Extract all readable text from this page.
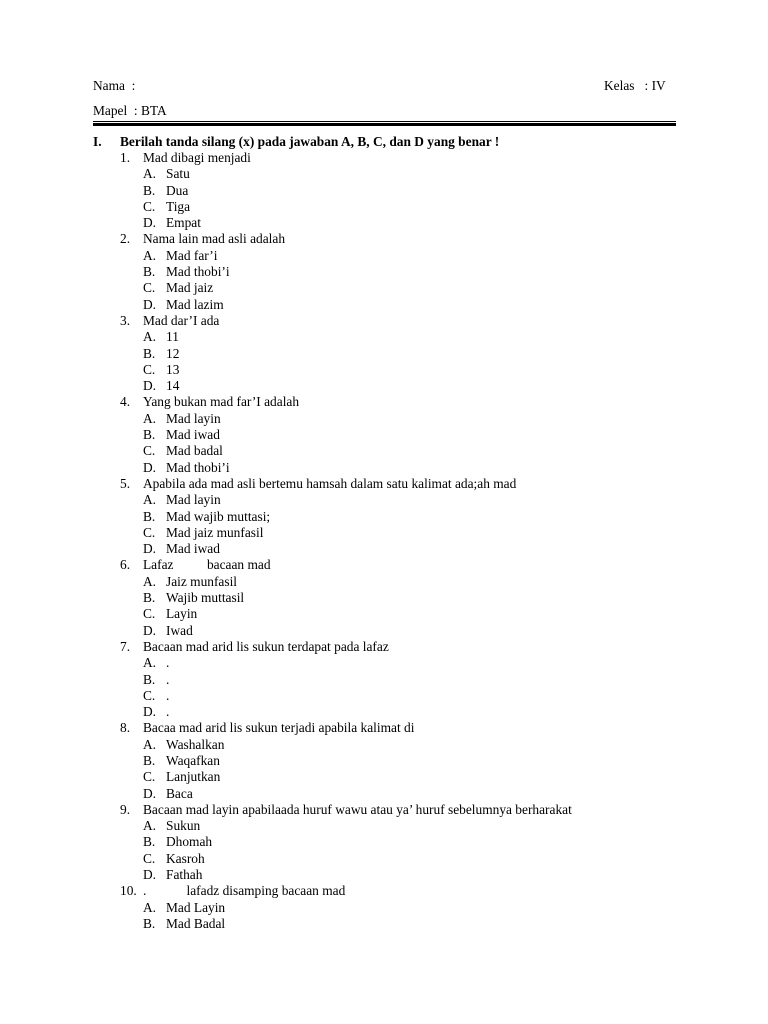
Nama  :	Kelas   : IV
Mapel  : BTA
I. Berilah tanda silang (x) pada jawaban A, B, C, dan D yang benar !
1. Mad dibagi menjadi
A. Satu
B. Dua
C. Tiga
D. Empat
2. Nama lain mad asli adalah
A. Mad far’i
B. Mad thobi’i
C. Mad jaiz
D. Mad lazim
3. Mad dar’I ada
A. 11
B. 12
C. 13
D. 14
4. Yang bukan mad far’I adalah
A. Mad layin
B. Mad iwad
C. Mad badal
D. Mad thobi’i
5. Apabila ada mad asli bertemu hamsah dalam satu kalimat ada;ah mad
A. Mad layin
B. Mad wajib muttasi;
C. Mad jaiz munfasil
D. Mad iwad
6. Lafaz          bacaan mad
A. Jaiz munfasil
B. Wajib muttasil
C. Layin
D. Iwad
7. Bacaan mad arid lis sukun terdapat pada lafaz
A. .
B. .
C. .
D. .
8. Bacaa mad arid lis sukun terjadi apabila kalimat di
A. Washalkan
B. Waqafkan
C. Lanjutkan
D. Baca
9. Bacaan mad layin apabilaada huruf wawu atau ya’ huruf sebelumnya berharakat
A. Sukun
B. Dhomah
C. Kasroh
D. Fathah
10. .            lafadz disamping bacaan mad
A. Mad Layin
B. Mad Badal
